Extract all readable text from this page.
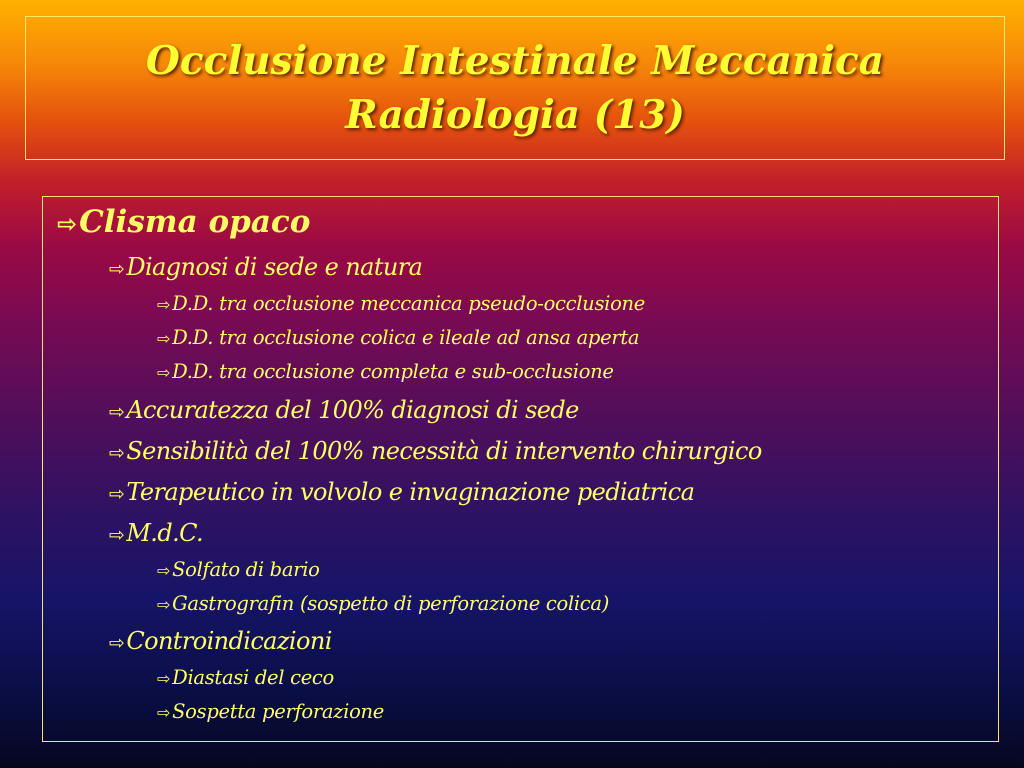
Occlusione Intestinale Meccanica
Radiologia (13)
⇨Clisma opaco
⇨Diagnosi di sede e natura
⇨ D.D. tra occlusione meccanica pseudo-occlusione
⇨ D.D. tra occlusione colica e ileale ad ansa aperta
⇨ D.D. tra occlusione completa e sub-occlusione
⇨Accuratezza del 100% diagnosi di sede
⇨Sensibilità del 100% necessità di intervento chirurgico
⇨Terapeutico in volvolo e invaginazione pediatrica
⇨M.d.C.
⇨ Solfato di bario
⇨ Gastrografin (sospetto di perforazione colica)
⇨Controindicazioni
⇨ Diastasi del ceco
⇨ Sospetta perforazione
